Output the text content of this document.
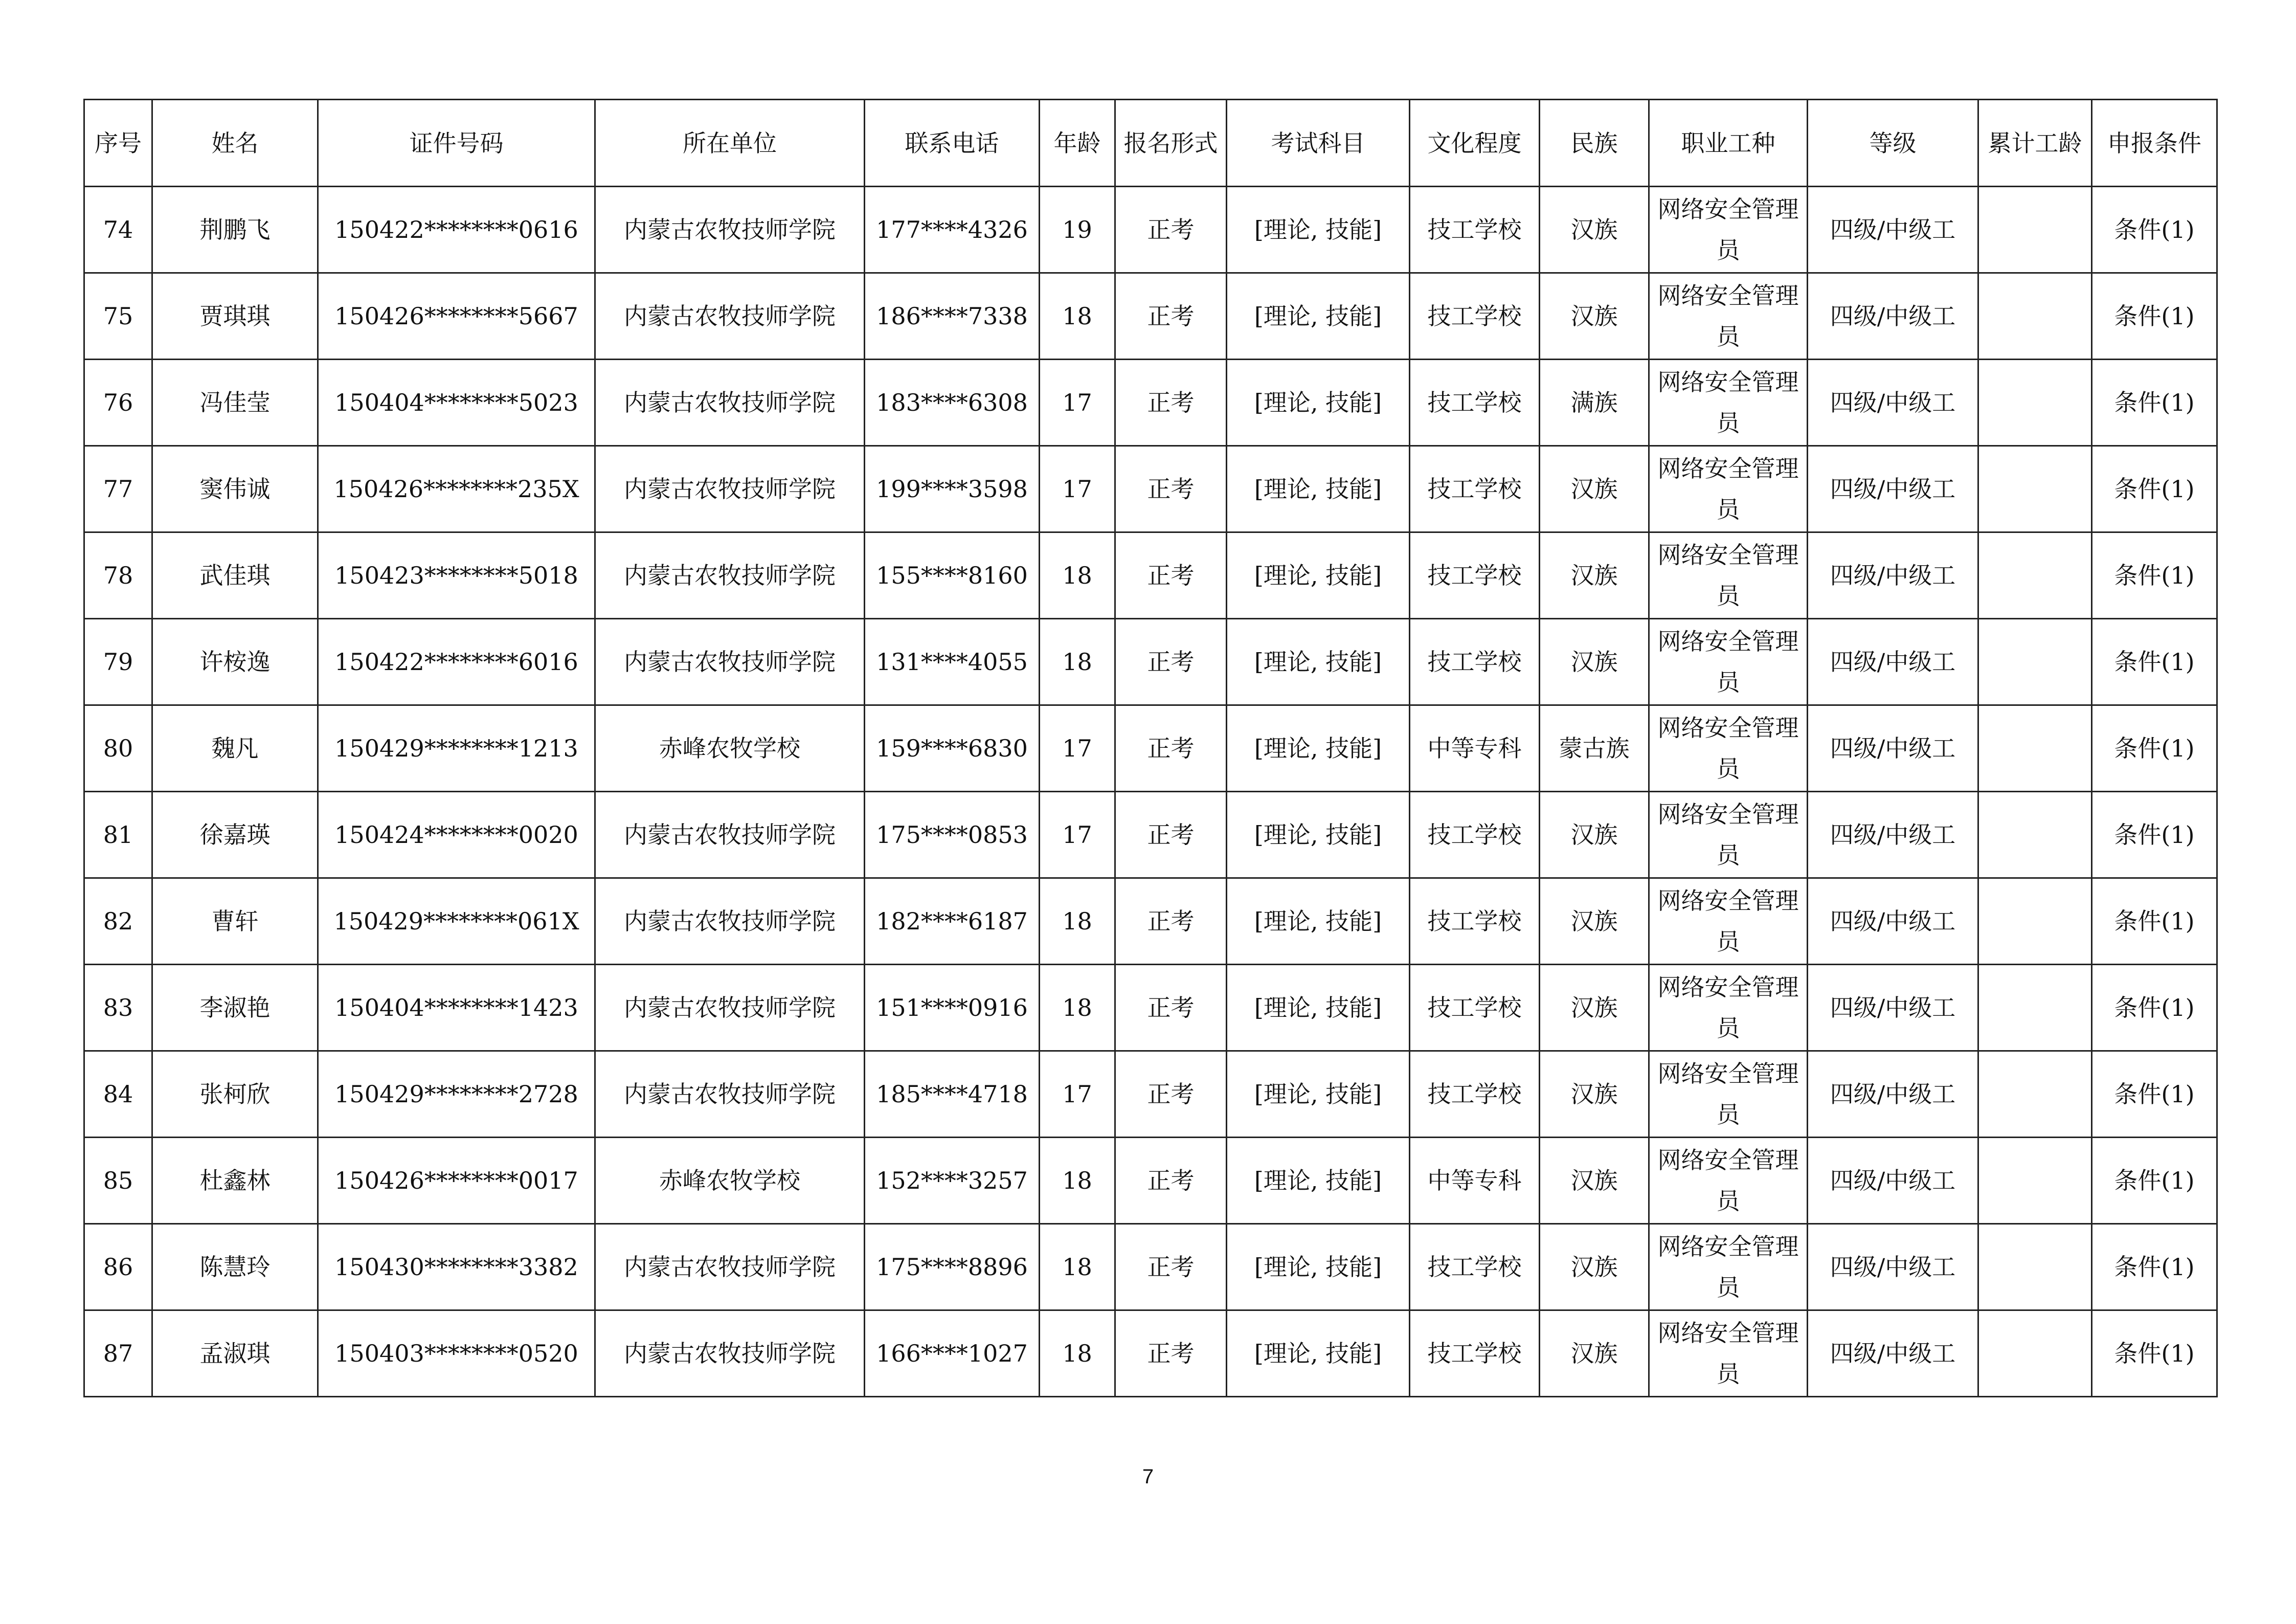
序号	姓名	证件号码	所在单位	联系电话	年龄	报名形式	考试科目	文化程度	民族	职业工种	等级	累计工龄	申报条件

74	荆鹏飞	150422********0616	内蒙古农牧技师学院	177****4326	19	正考	[理论, 技能]	技工学校	汉族	网络安全管理员	四级/中级工		条件(1)

75	贾琪琪	150426********5667	内蒙古农牧技师学院	186****7338	18	正考	[理论, 技能]	技工学校	汉族	网络安全管理员	四级/中级工		条件(1)

76	冯佳莹	150404********5023	内蒙古农牧技师学院	183****6308	17	正考	[理论, 技能]	技工学校	满族	网络安全管理员	四级/中级工		条件(1)

77	窦伟诚	150426********235X	内蒙古农牧技师学院	199****3598	17	正考	[理论, 技能]	技工学校	汉族	网络安全管理员	四级/中级工		条件(1)

78	武佳琪	150423********5018	内蒙古农牧技师学院	155****8160	18	正考	[理论, 技能]	技工学校	汉族	网络安全管理员	四级/中级工		条件(1)

79	许桉逸	150422********6016	内蒙古农牧技师学院	131****4055	18	正考	[理论, 技能]	技工学校	汉族	网络安全管理员	四级/中级工		条件(1)

80	魏凡	150429********1213	赤峰农牧学校	159****6830	17	正考	[理论, 技能]	中等专科	蒙古族	网络安全管理员	四级/中级工		条件(1)

81	徐嘉瑛	150424********0020	内蒙古农牧技师学院	175****0853	17	正考	[理论, 技能]	技工学校	汉族	网络安全管理员	四级/中级工		条件(1)

82	曹轩	150429********061X	内蒙古农牧技师学院	182****6187	18	正考	[理论, 技能]	技工学校	汉族	网络安全管理员	四级/中级工		条件(1)

83	李淑艳	150404********1423	内蒙古农牧技师学院	151****0916	18	正考	[理论, 技能]	技工学校	汉族	网络安全管理员	四级/中级工		条件(1)

84	张柯欣	150429********2728	内蒙古农牧技师学院	185****4718	17	正考	[理论, 技能]	技工学校	汉族	网络安全管理员	四级/中级工		条件(1)

85	杜鑫林	150426********0017	赤峰农牧学校	152****3257	18	正考	[理论, 技能]	中等专科	汉族	网络安全管理员	四级/中级工		条件(1)

86	陈慧玲	150430********3382	内蒙古农牧技师学院	175****8896	18	正考	[理论, 技能]	技工学校	汉族	网络安全管理员	四级/中级工		条件(1)

87	孟淑琪	150403********0520	内蒙古农牧技师学院	166****1027	18	正考	[理论, 技能]	技工学校	汉族	网络安全管理员	四级/中级工		条件(1)
7
